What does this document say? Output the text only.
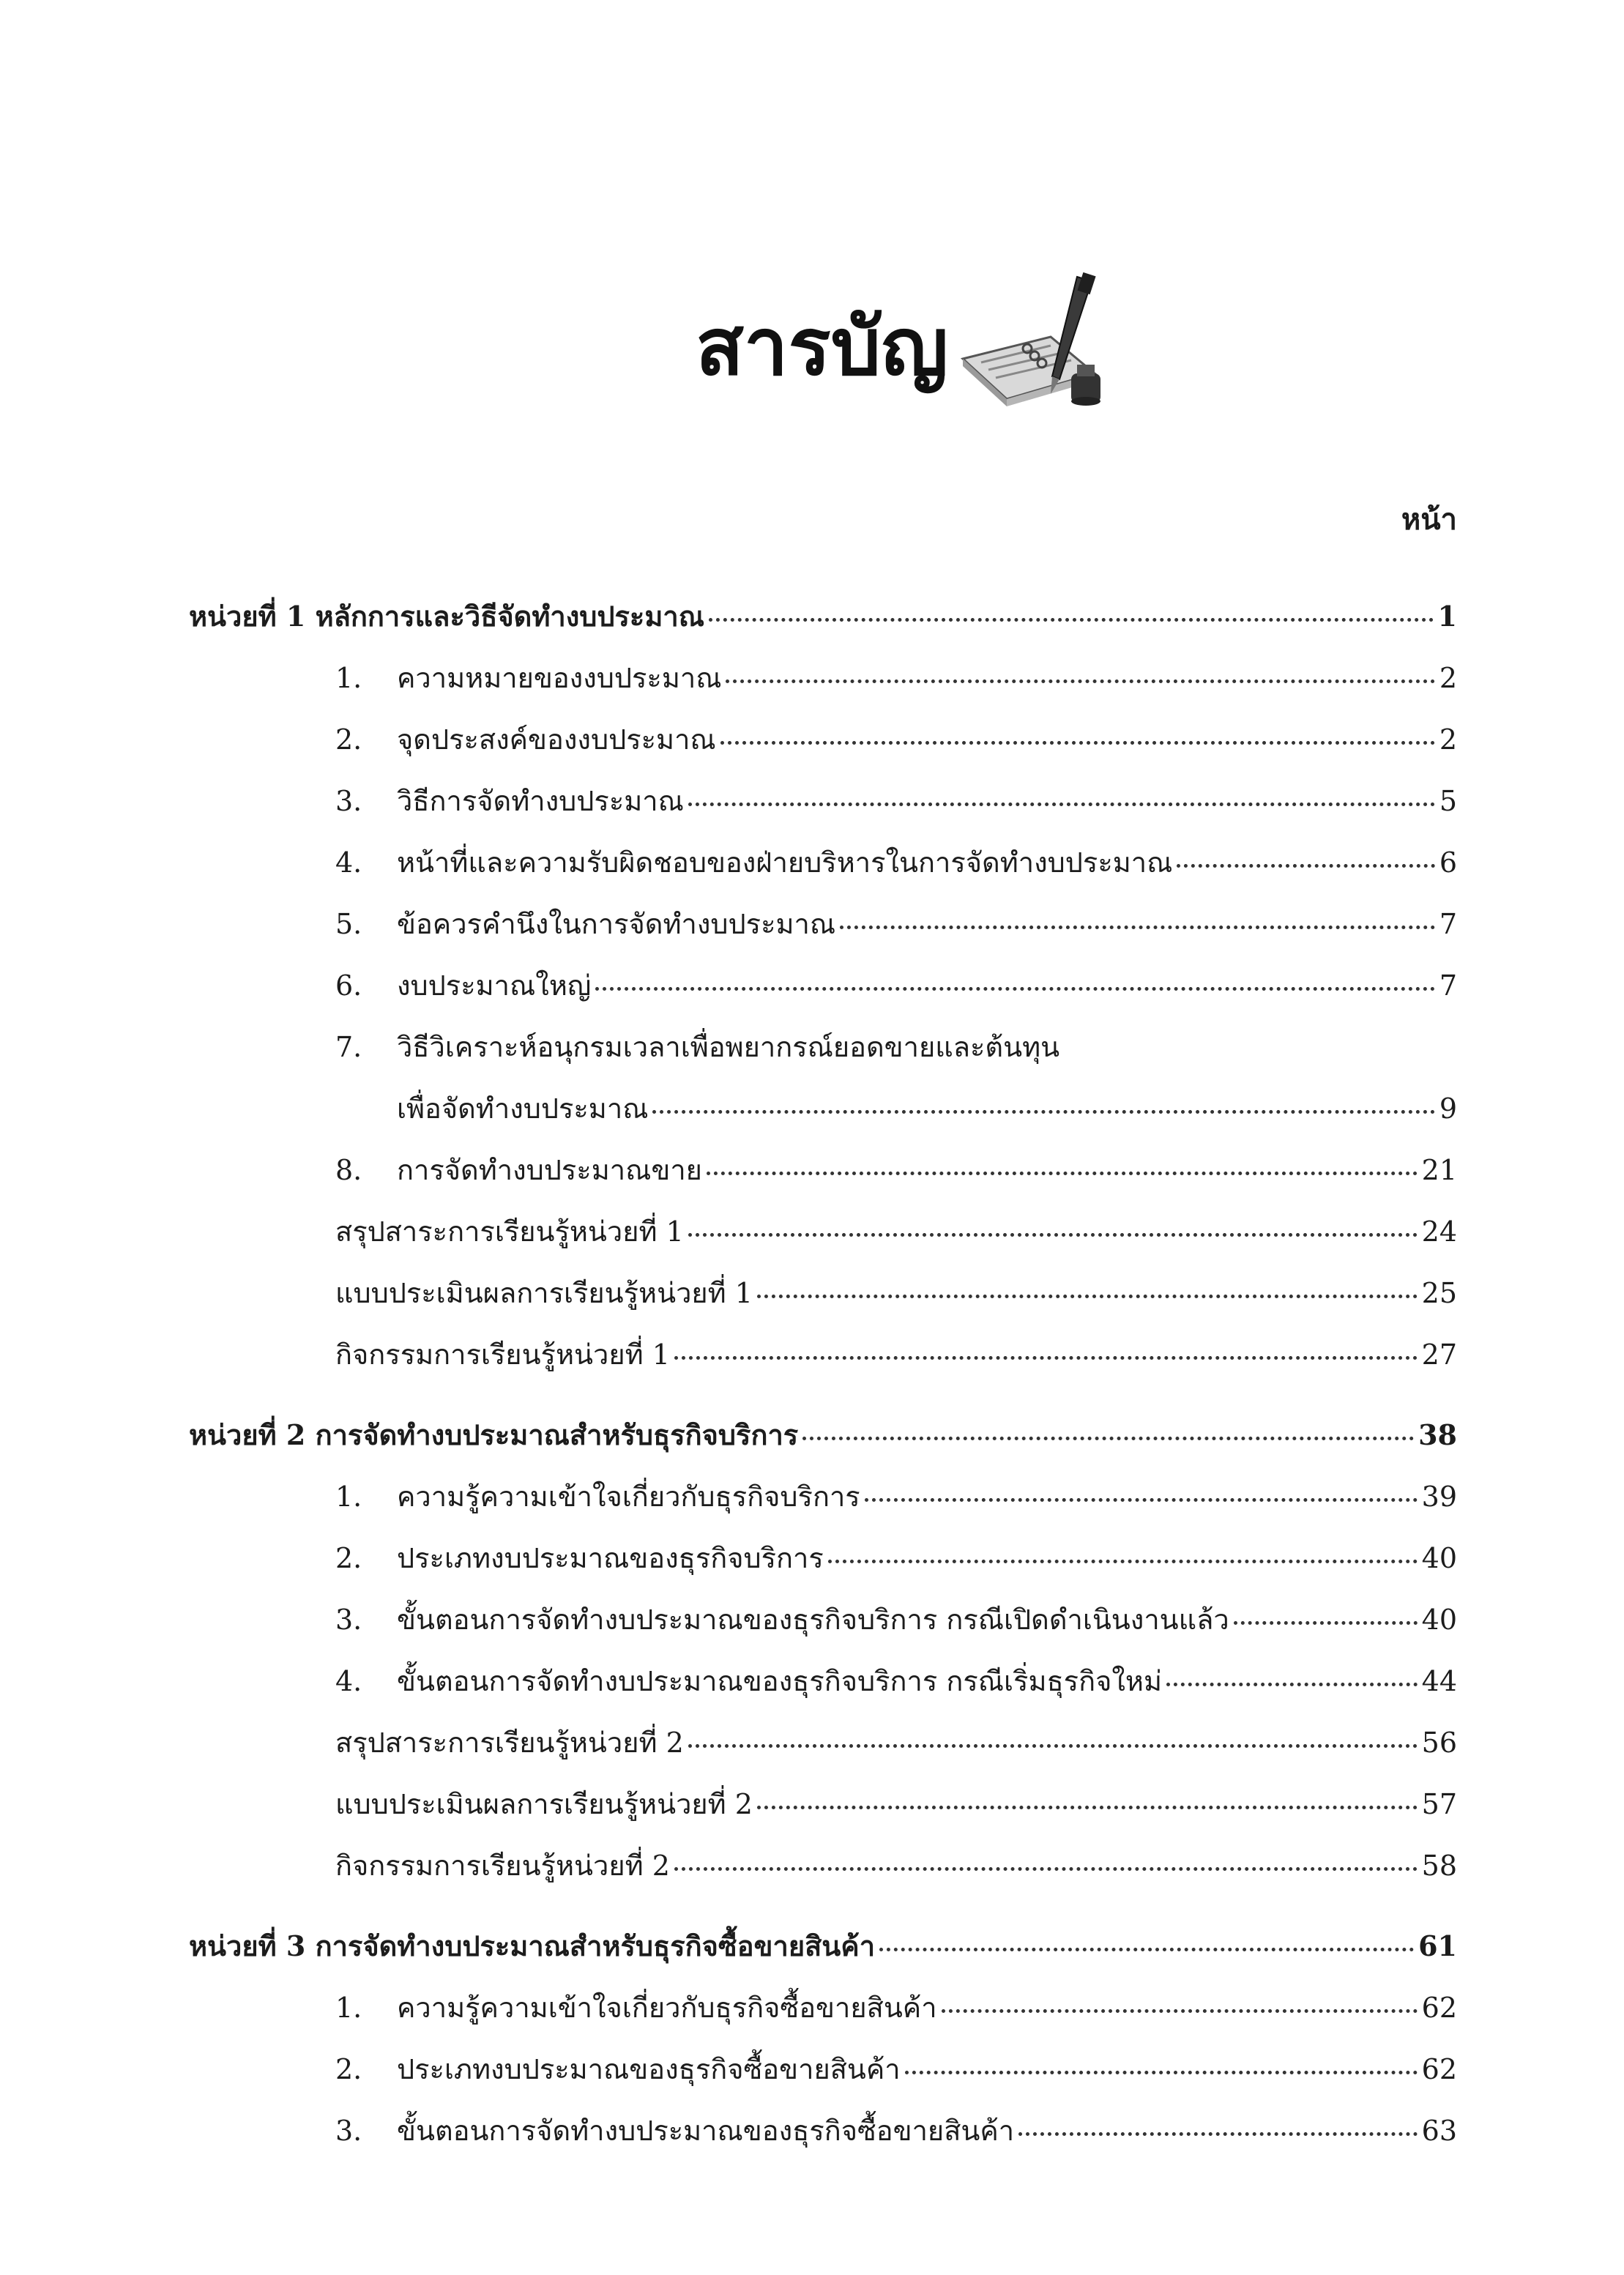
สารบัญ
หน้า
หน่วยที่ 1 หลักการและวิธีจัดทำงบประมาณ	1
1.	ความหมายของงบประมาณ	2
2.	จุดประสงค์ของงบประมาณ	2
3.	วิธีการจัดทำงบประมาณ	5
4.	หน้าที่และความรับผิดชอบของฝ่ายบริหารในการจัดทำงบประมาณ	6
5.	ข้อควรคำนึงในการจัดทำงบประมาณ	7
6.	งบประมาณใหญ่	7
7.	วิธีวิเคราะห์อนุกรมเวลาเพื่อพยากรณ์ยอดขายและต้นทุน
เพื่อจัดทำงบประมาณ	9
8.	การจัดทำงบประมาณขาย	21
สรุปสาระการเรียนรู้หน่วยที่ 1	24
แบบประเมินผลการเรียนรู้หน่วยที่ 1	25
กิจกรรมการเรียนรู้หน่วยที่ 1	27
หน่วยที่ 2 การจัดทำงบประมาณสำหรับธุรกิจบริการ	38
1.	ความรู้ความเข้าใจเกี่ยวกับธุรกิจบริการ	39
2.	ประเภทงบประมาณของธุรกิจบริการ	40
3.	ขั้นตอนการจัดทำงบประมาณของธุรกิจบริการ กรณีเปิดดำเนินงานแล้ว	40
4.	ขั้นตอนการจัดทำงบประมาณของธุรกิจบริการ กรณีเริ่มธุรกิจใหม่	44
สรุปสาระการเรียนรู้หน่วยที่ 2	56
แบบประเมินผลการเรียนรู้หน่วยที่ 2	57
กิจกรรมการเรียนรู้หน่วยที่ 2	58
หน่วยที่ 3 การจัดทำงบประมาณสำหรับธุรกิจซื้อขายสินค้า	61
1.	ความรู้ความเข้าใจเกี่ยวกับธุรกิจซื้อขายสินค้า	62
2.	ประเภทงบประมาณของธุรกิจซื้อขายสินค้า	62
3.	ขั้นตอนการจัดทำงบประมาณของธุรกิจซื้อขายสินค้า	63
